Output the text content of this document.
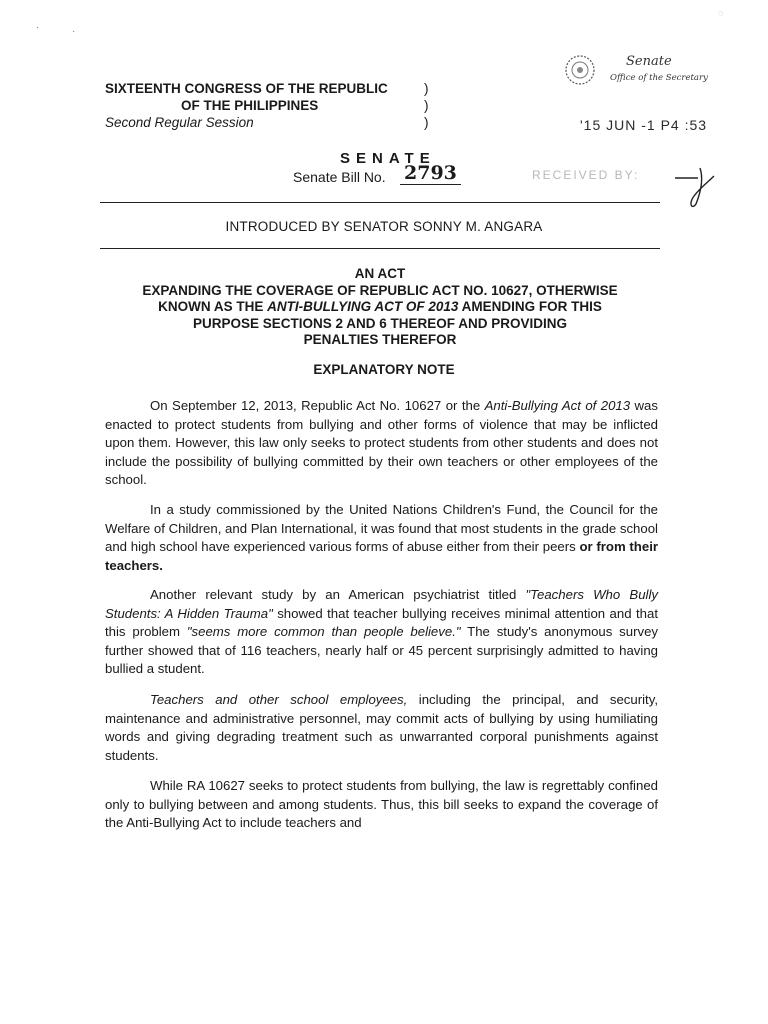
◌
·	·
SIXTEENTH CONGRESS OF THE REPUBLIC
OF THE PHILIPPINES
Second Regular Session
)
)
)
Senate
Office of the Secretary
'15 JUN -1 P4 :53
RECEIVED BY:
SENATE
Senate Bill No. 2793
INTRODUCED BY SENATOR SONNY M. ANGARA
AN ACT
EXPANDING THE COVERAGE OF REPUBLIC ACT NO. 10627, OTHERWISE
KNOWN AS THE ANTI-BULLYING ACT OF 2013 AMENDING FOR THIS
PURPOSE SECTIONS 2 AND 6 THEREOF AND PROVIDING
PENALTIES THEREFOR
EXPLANATORY NOTE

On September 12, 2013, Republic Act No. 10627 or the Anti-Bullying Act of 2013 was enacted to protect students from bullying and other forms of violence that may be inflicted upon them. However, this law only seeks to protect students from other students and does not include the possibility of bullying committed by their own teachers or other employees of the school.

In a study commissioned by the United Nations Children's Fund, the Council for the Welfare of Children, and Plan International, it was found that most students in the grade school and high school have experienced various forms of abuse either from their peers or from their teachers.

Another relevant study by an American psychiatrist titled "Teachers Who Bully Students: A Hidden Trauma" showed that teacher bullying receives minimal attention and that this problem "seems more common than people believe." The study's anonymous survey further showed that of 116 teachers, nearly half or 45 percent surprisingly admitted to having bullied a student.

Teachers and other school employees, including the principal, and security, maintenance and administrative personnel, may commit acts of bullying by using humiliating words and giving degrading treatment such as unwarranted corporal punishments against students.

While RA 10627 seeks to protect students from bullying, the law is regrettably confined only to bullying between and among students. Thus, this bill seeks to expand the coverage of the Anti-Bullying Act to include teachers and
